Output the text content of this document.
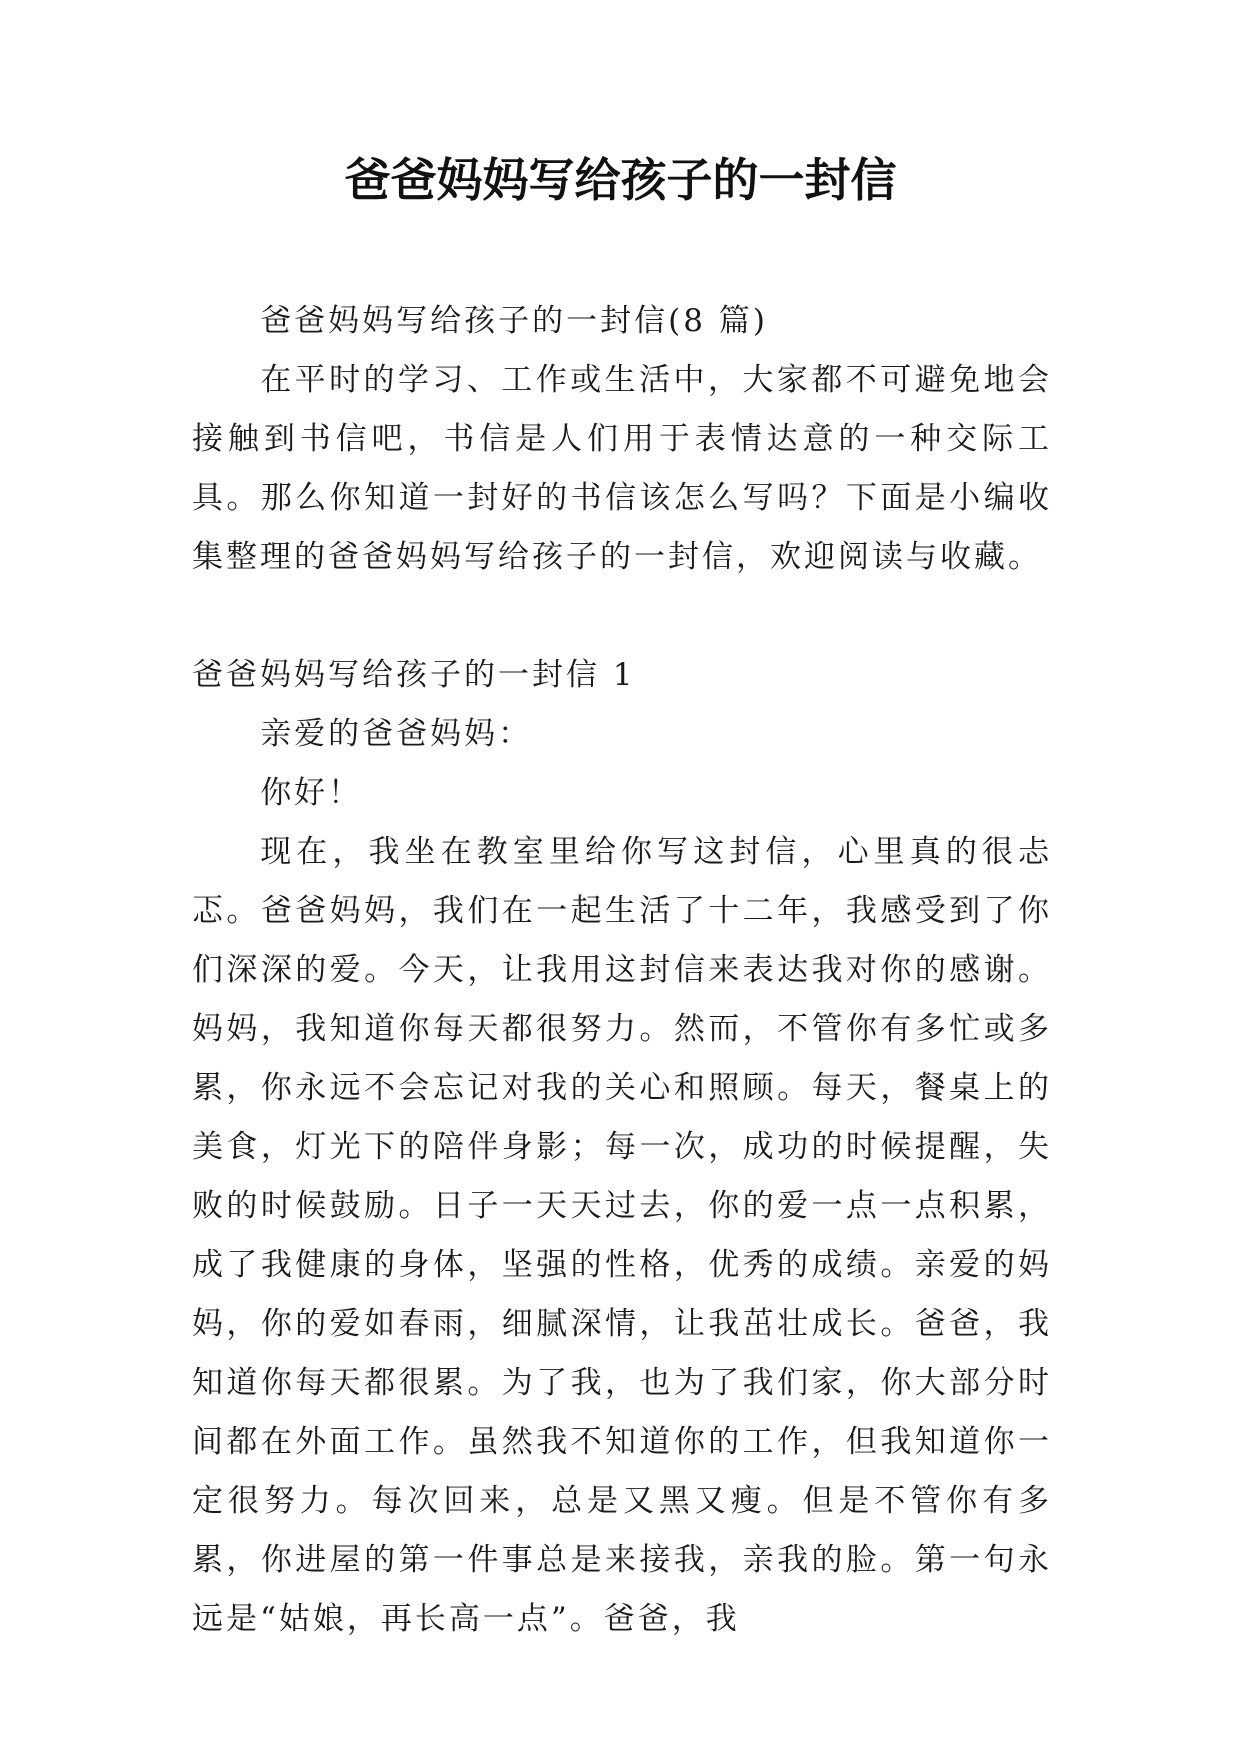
爸爸妈妈写给孩子的一封信

爸爸妈妈写给孩子的一封信(8 篇)

在平时的学习、工作或生活中，大家都不可避免地会接触到书信吧，书信是人们用于表情达意的一种交际工具。那么你知道一封好的书信该怎么写吗？下面是小编收集整理的爸爸妈妈写给孩子的一封信，欢迎阅读与收藏。

爸爸妈妈写给孩子的一封信 1

亲爱的爸爸妈妈：

你好！

现在，我坐在教室里给你写这封信，心里真的很忐忑。爸爸妈妈，我们在一起生活了十二年，我感受到了你们深深的爱。今天，让我用这封信来表达我对你的感谢。妈妈，我知道你每天都很努力。然而，不管你有多忙或多累，你永远不会忘记对我的关心和照顾。每天，餐桌上的美食，灯光下的陪伴身影；每一次，成功的时候提醒，失败的时候鼓励。日子一天天过去，你的爱一点一点积累，成了我健康的身体，坚强的性格，优秀的成绩。亲爱的妈妈，你的爱如春雨，细腻深情，让我茁壮成长。爸爸，我知道你每天都很累。为了我，也为了我们家，你大部分时间都在外面工作。虽然我不知道你的工作，但我知道你一定很努力。每次回来，总是又黑又瘦。但是不管你有多累，你进屋的第一件事总是来接我，亲我的脸。第一句永远是“姑娘，再长高一点”。爸爸，我
